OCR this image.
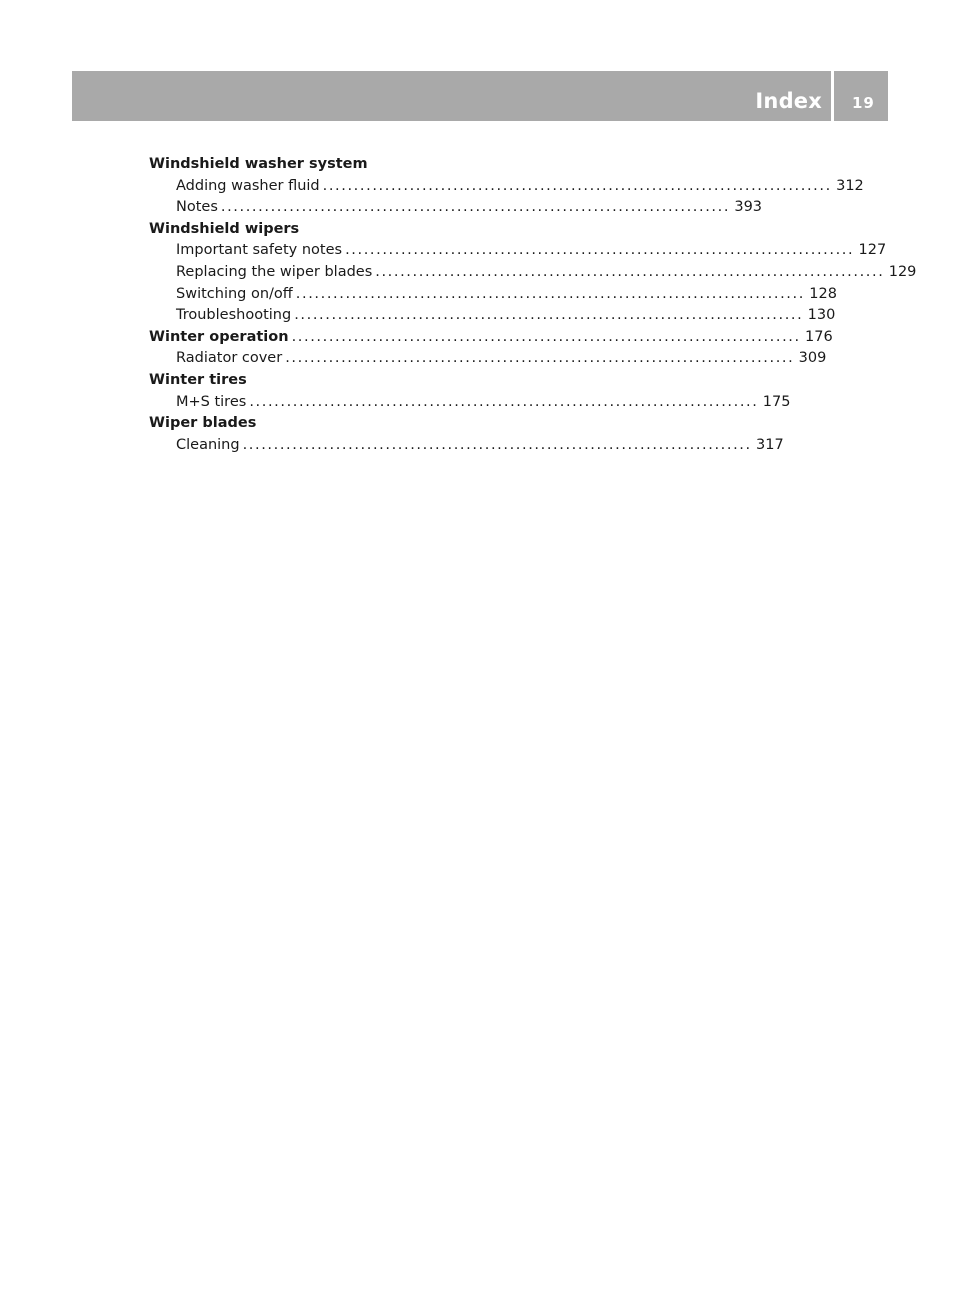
Index 19
Windshield washer system
Adding washer fluid .................................................................................. 312
Notes .................................................................................. 393
Windshield wipers
Important safety notes .................................................................................. 127
Replacing the wiper blades .................................................................................. 129
Switching on/off .................................................................................. 128
Troubleshooting .................................................................................. 130
Winter operation .................................................................................. 176
Radiator cover .................................................................................. 309
Winter tires
M+S tires .................................................................................. 175
Wiper blades
Cleaning .................................................................................. 317
